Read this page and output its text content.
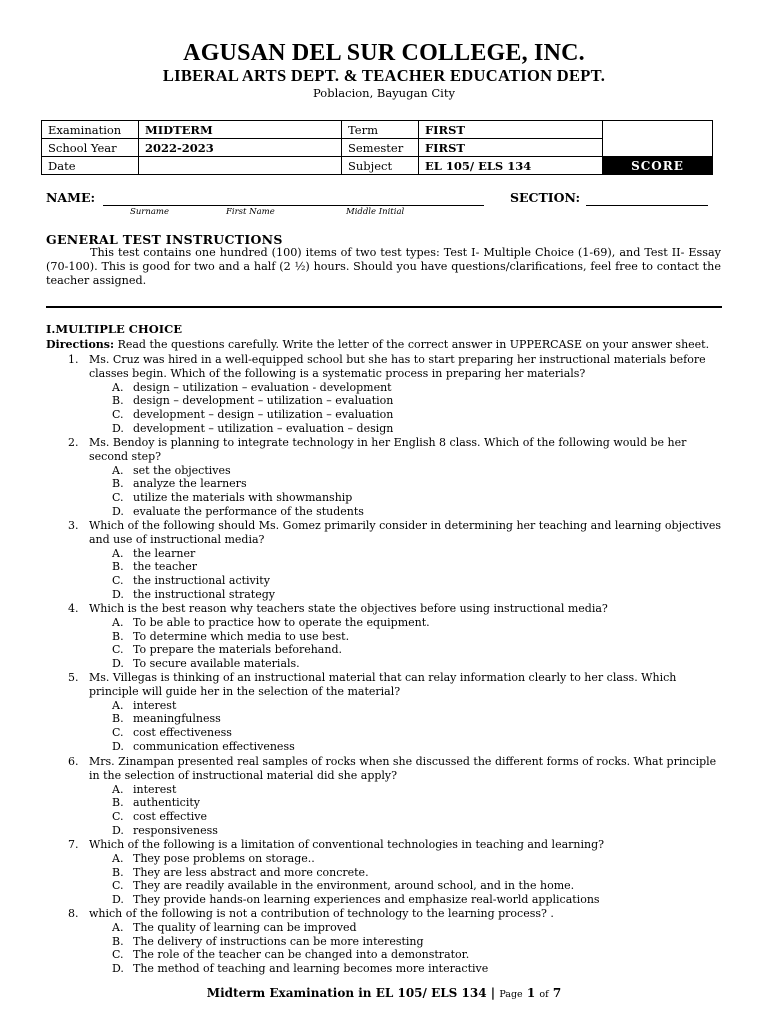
AGUSAN DEL SUR COLLEGE, INC.
LIBERAL ARTS DEPT. & TEACHER EDUCATION DEPT.
Poblacion, Bayugan City
Examination	MIDTERM	Term	FIRST	
School Year	2022-2023	Semester	FIRST	
Date		Subject	EL 105/ ELS 134	SCORE
NAME:	SECTION:
Surname	First Name	Middle Initial
GENERAL TEST INSTRUCTIONS
This test contains one hundred (100) items of two test types: Test I- Multiple Choice (1-69), and Test II- Essay (70-100). This is good for two and a half (2 ½) hours. Should you have questions/clarifications, feel free to contact the teacher assigned.
I.MULTIPLE CHOICE
Directions: Read the questions carefully. Write the letter of the correct answer in UPPERCASE on your answer sheet.
1. Ms. Cruz was hired in a well-equipped school but she has to start preparing her instructional materials before classes begin. Which of the following is a systematic process in preparing her materials?
A. design – utilization – evaluation - development
B. design – development – utilization – evaluation
C. development – design – utilization – evaluation
D. development – utilization – evaluation – design
2. Ms. Bendoy is planning to integrate technology in her English 8 class. Which of the following would be her second step?
A. set the objectives
B. analyze the learners
C. utilize the materials with showmanship
D. evaluate the performance of the students
3. Which of the following should Ms. Gomez primarily consider in determining her teaching and learning objectives and use of instructional media?
A. the learner
B. the teacher
C. the instructional activity
D. the instructional strategy
4. Which is the best reason why teachers state the objectives before using instructional media?
A. To be able to practice how to operate the equipment.
B. To determine which media to use best.
C. To prepare the materials beforehand.
D. To secure available materials.
5. Ms. Villegas is thinking of an instructional material that can relay information clearly to her class. Which principle will guide her in the selection of the material?
A. interest
B. meaningfulness
C. cost effectiveness
D. communication effectiveness
6. Mrs. Zinampan presented real samples of rocks when she discussed the different forms of rocks. What principle in the selection of instructional material did she apply?
A. interest
B. authenticity
C. cost effective
D. responsiveness
7. Which of the following is a limitation of conventional technologies in teaching and learning?
A. They pose problems on storage..
B. They are less abstract and more concrete.
C. They are readily available in the environment, around school, and in the home.
D. They provide hands-on learning experiences and emphasize real-world applications
8. which of the following is not a contribution of technology to the learning process? .
A. The quality of learning can be improved
B. The delivery of instructions can be more interesting
C. The role of the teacher can be changed into a demonstrator.
D. The method of teaching and learning becomes more interactive
Midterm Examination in EL 105/ ELS 134 | Page 1 of 7
